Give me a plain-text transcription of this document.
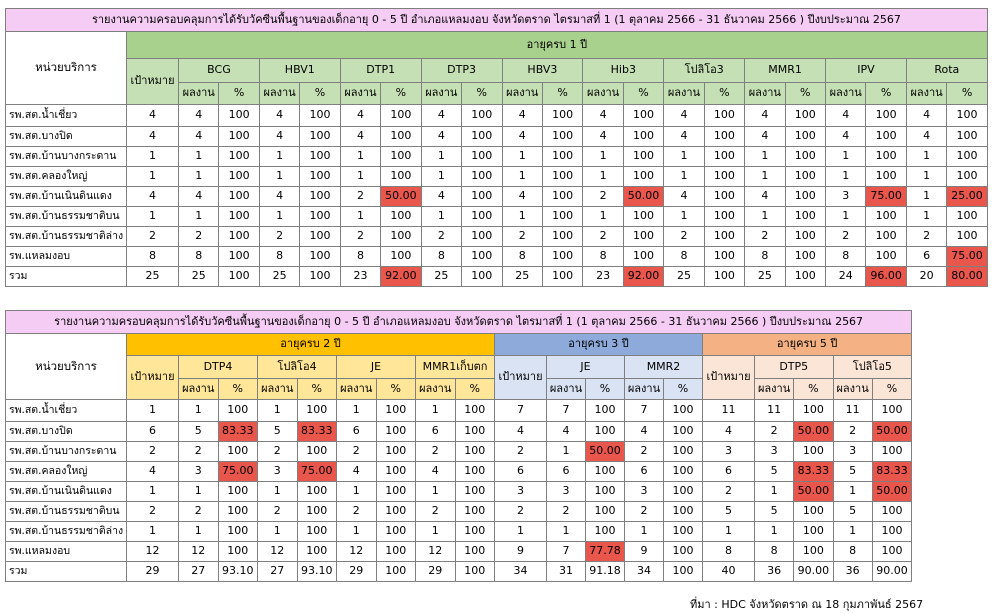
รายงานความครอบคลุมการได้รับวัคซีนพื้นฐานของเด็กอายุ 0 - 5 ปี อำเภอแหลมงอบ จังหวัดตราด ไตรมาสที่ 1 (1 ตุลาคม 2566 - 31 ธันวาคม 2566 ) ปีงบประมาณ 2567																					
หน่วยบริการ	อายุครบ 1 ปี																				
	เป้าหมาย	BCG		HBV1		DTP1		DTP3		HBV3		Hib3		โปลิโอ3		MMR1		IPV		Rota	
		ผลงาน	%	ผลงาน	%	ผลงาน	%	ผลงาน	%	ผลงาน	%	ผลงาน	%	ผลงาน	%	ผลงาน	%	ผลงาน	%	ผลงาน	%
รพ.สต.น้ำเชี่ยว	4	4	100	4	100	4	100	4	100	4	100	4	100	4	100	4	100	4	100	4	100
รพ.สต.บางปิด	4	4	100	4	100	4	100	4	100	4	100	4	100	4	100	4	100	4	100	4	100
รพ.สต.บ้านบางกระดาน	1	1	100	1	100	1	100	1	100	1	100	1	100	1	100	1	100	1	100	1	100
รพ.สต.คลองใหญ่	1	1	100	1	100	1	100	1	100	1	100	1	100	1	100	1	100	1	100	1	100
รพ.สต.บ้านเนินดินแดง	4	4	100	4	100	2	50.00	4	100	4	100	2	50.00	4	100	4	100	3	75.00	1	25.00
รพ.สต.บ้านธรรมชาติบน	1	1	100	1	100	1	100	1	100	1	100	1	100	1	100	1	100	1	100	1	100
รพ.สต.บ้านธรรมชาติล่าง	2	2	100	2	100	2	100	2	100	2	100	2	100	2	100	2	100	2	100	2	100
รพ.แหลมงอบ	8	8	100	8	100	8	100	8	100	8	100	8	100	8	100	8	100	8	100	6	75.00
รวม	25	25	100	25	100	23	92.00	25	100	25	100	23	92.00	25	100	25	100	24	96.00	20	80.00
รายงานความครอบคลุมการได้รับวัคซีนพื้นฐานของเด็กอายุ 0 - 5 ปี อำเภอแหลมงอบ จังหวัดตราด ไตรมาสที่ 1 (1 ตุลาคม 2566 - 31 ธันวาคม 2566 ) ปีงบประมาณ 2567																			
หน่วยบริการ	อายุครบ 2 ปี									อายุครบ 3 ปี					อายุครบ 5 ปี				
	เป้าหมาย	DTP4		โปลิโอ4		JE		MMR1เก็บตก		เป้าหมาย	JE		MMR2		เป้าหมาย	DTP5		โปลิโอ5	
		ผลงาน	%	ผลงาน	%	ผลงาน	%	ผลงาน	%		ผลงาน	%	ผลงาน	%		ผลงาน	%	ผลงาน	%
รพ.สต.น้ำเชี่ยว	1	1	100	1	100	1	100	1	100	7	7	100	7	100	11	11	100	11	100
รพ.สต.บางปิด	6	5	83.33	5	83.33	6	100	6	100	4	4	100	4	100	4	2	50.00	2	50.00
รพ.สต.บ้านบางกระดาน	2	2	100	2	100	2	100	2	100	2	1	50.00	2	100	3	3	100	3	100
รพ.สต.คลองใหญ่	4	3	75.00	3	75.00	4	100	4	100	6	6	100	6	100	6	5	83.33	5	83.33
รพ.สต.บ้านเนินดินแดง	1	1	100	1	100	1	100	1	100	3	3	100	3	100	2	1	50.00	1	50.00
รพ.สต.บ้านธรรมชาติบน	2	2	100	2	100	2	100	2	100	2	2	100	2	100	5	5	100	5	100
รพ.สต.บ้านธรรมชาติล่าง	1	1	100	1	100	1	100	1	100	1	1	100	1	100	1	1	100	1	100
รพ.แหลมงอบ	12	12	100	12	100	12	100	12	100	9	7	77.78	9	100	8	8	100	8	100
รวม	29	27	93.10	27	93.10	29	100	29	100	34	31	91.18	34	100	40	36	90.00	36	90.00
ที่มา : HDC จังหวัดตราด ณ 18 กุมภาพันธ์ 2567
